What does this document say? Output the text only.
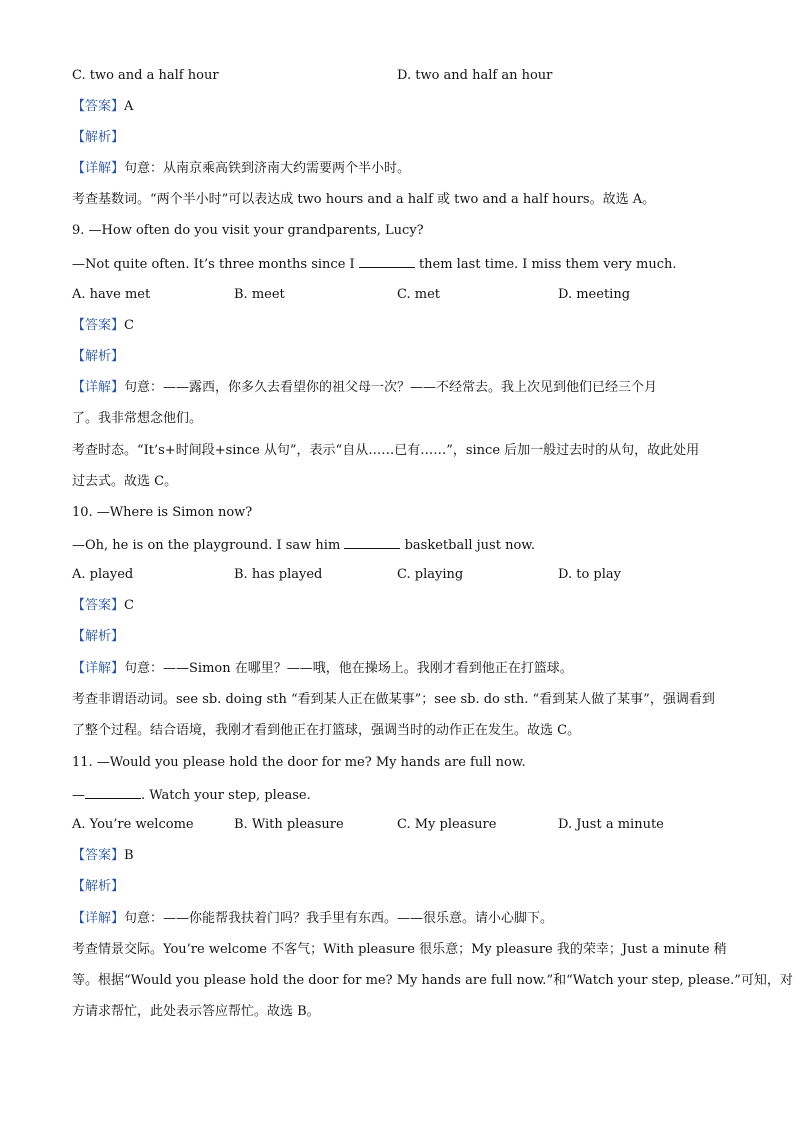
C. two and a half hour	D. two and half an hour
【答案】A
【解析】
【详解】句意：从南京乘高铁到济南大约需要两个半小时。
考查基数词。“两个半小时”可以表达成 two hours and a half 或 two and a half hours。故选 A。
9. —How often do you visit your grandparents, Lucy?
—Not quite often. It’s three months since I	them last time. I miss them very much.
A. have met	B. meet	C. met	D. meeting
【答案】C
【解析】
【详解】句意：——露西，你多久去看望你的祖父母一次？——不经常去。我上次见到他们已经三个月
了。我非常想念他们。
考查时态。“It’s+时间段+since 从句”，表示“自从……已有……”，since 后加一般过去时的从句，故此处用
过去式。故选 C。
10. —Where is Simon now?
—Oh, he is on the playground. I saw him	basketball just now.
A. played	B. has played	C. playing	D. to play
【答案】C
【解析】
【详解】句意：——Simon 在哪里？——哦，他在操场上。我刚才看到他正在打篮球。
考查非谓语动词。see sb. doing sth “看到某人正在做某事”；see sb. do sth. “看到某人做了某事”，强调看到
了整个过程。结合语境，我刚才看到他正在打篮球，强调当时的动作正在发生。故选 C。
11. —Would you please hold the door for me? My hands are full now.
—	. Watch your step, please.
A. You’re welcome	B. With pleasure	C. My pleasure	D. Just a minute
【答案】B
【解析】
【详解】句意：——你能帮我扶着门吗？我手里有东西。——很乐意。请小心脚下。
考查情景交际。You’re welcome 不客气；With pleasure 很乐意；My pleasure 我的荣幸；Just a minute 稍
等。根据“Would you please hold the door for me? My hands are full now.”和“Watch your step, please.”可知，对
方请求帮忙，此处表示答应帮忙。故选 B。
